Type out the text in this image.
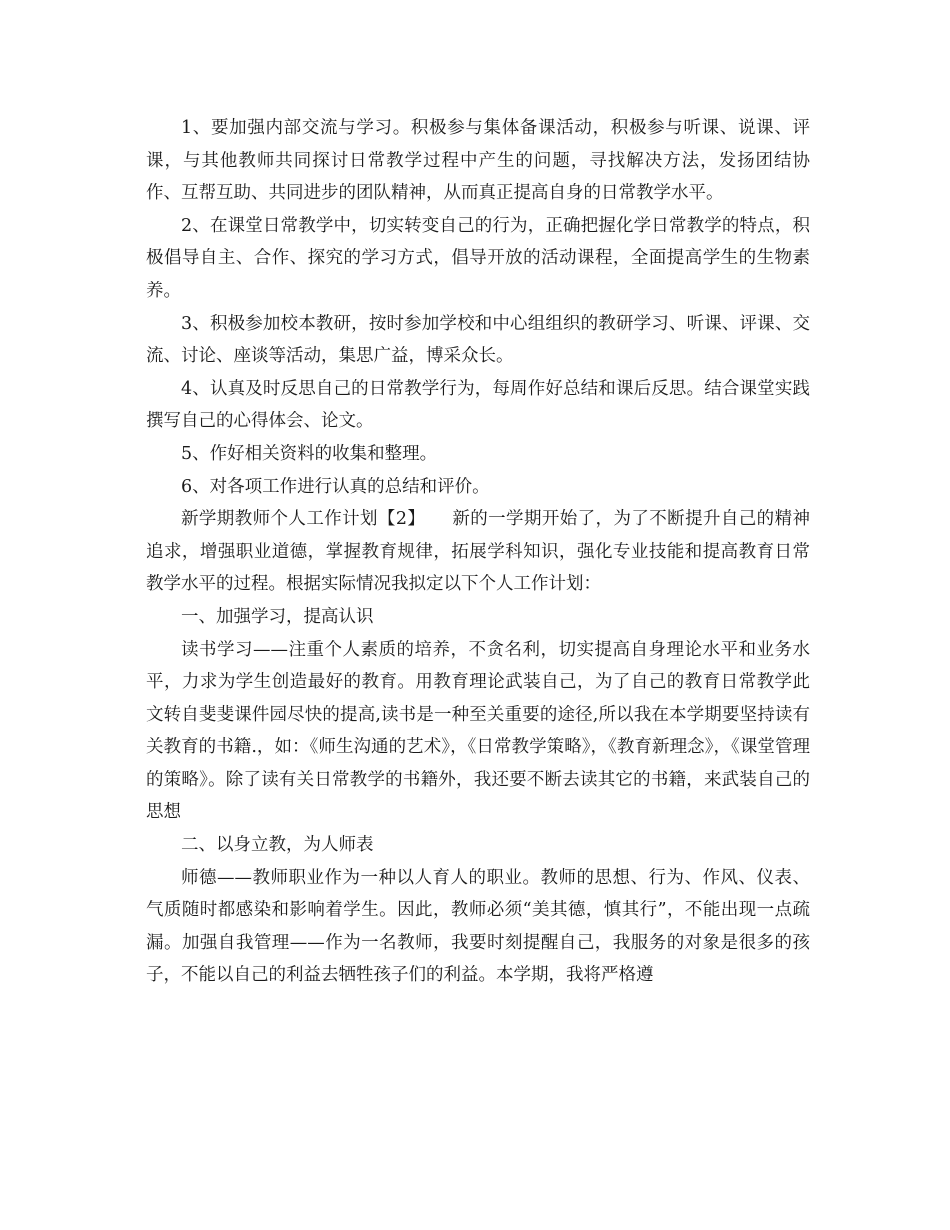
1、要加强内部交流与学习。积极参与集体备课活动，积极参与听课、说课、评课，与其他教师共同探讨日常教学过程中产生的问题，寻找解决方法，发扬团结协作、互帮互助、共同进步的团队精神，从而真正提高自身的日常教学水平。

2、在课堂日常教学中，切实转变自己的行为，正确把握化学日常教学的特点，积极倡导自主、合作、探究的学习方式，倡导开放的活动课程，全面提高学生的生物素养。

3、积极参加校本教研，按时参加学校和中心组组织的教研学习、听课、评课、交流、讨论、座谈等活动，集思广益，博采众长。

4、认真及时反思自己的日常教学行为，每周作好总结和课后反思。结合课堂实践撰写自己的心得体会、论文。

5、作好相关资料的收集和整理。

6、对各项工作进行认真的总结和评价。

新学期教师个人工作计划【2】　　新的一学期开始了，为了不断提升自己的精神追求，增强职业道德，掌握教育规律，拓展学科知识，强化专业技能和提高教育日常教学水平的过程。根据实际情况我拟定以下个人工作计划：

一、加强学习，提高认识

读书学习——注重个人素质的培养，不贪名利，切实提高自身理论水平和业务水平，力求为学生创造最好的教育。用教育理论武装自己，为了自己的教育日常教学此文转自斐斐课件园尽快的提高,读书是一种至关重要的途径,所以我在本学期要坚持读有关教育的书籍.，如：《师生沟通的艺术》，《日常教学策略》，《教育新理念》，《课堂管理的策略》。除了读有关日常教学的书籍外，我还要不断去读其它的书籍，来武装自己的思想

二、以身立教，为人师表

师德——教师职业作为一种以人育人的职业。教师的思想、行为、作风、仪表、气质随时都感染和影响着学生。因此，教师必须“美其德，慎其行”，不能出现一点疏漏。加强自我管理——作为一名教师，我要时刻提醒自己，我服务的对象是很多的孩子，不能以自己的利益去牺牲孩子们的利益。本学期，我将严格遵
